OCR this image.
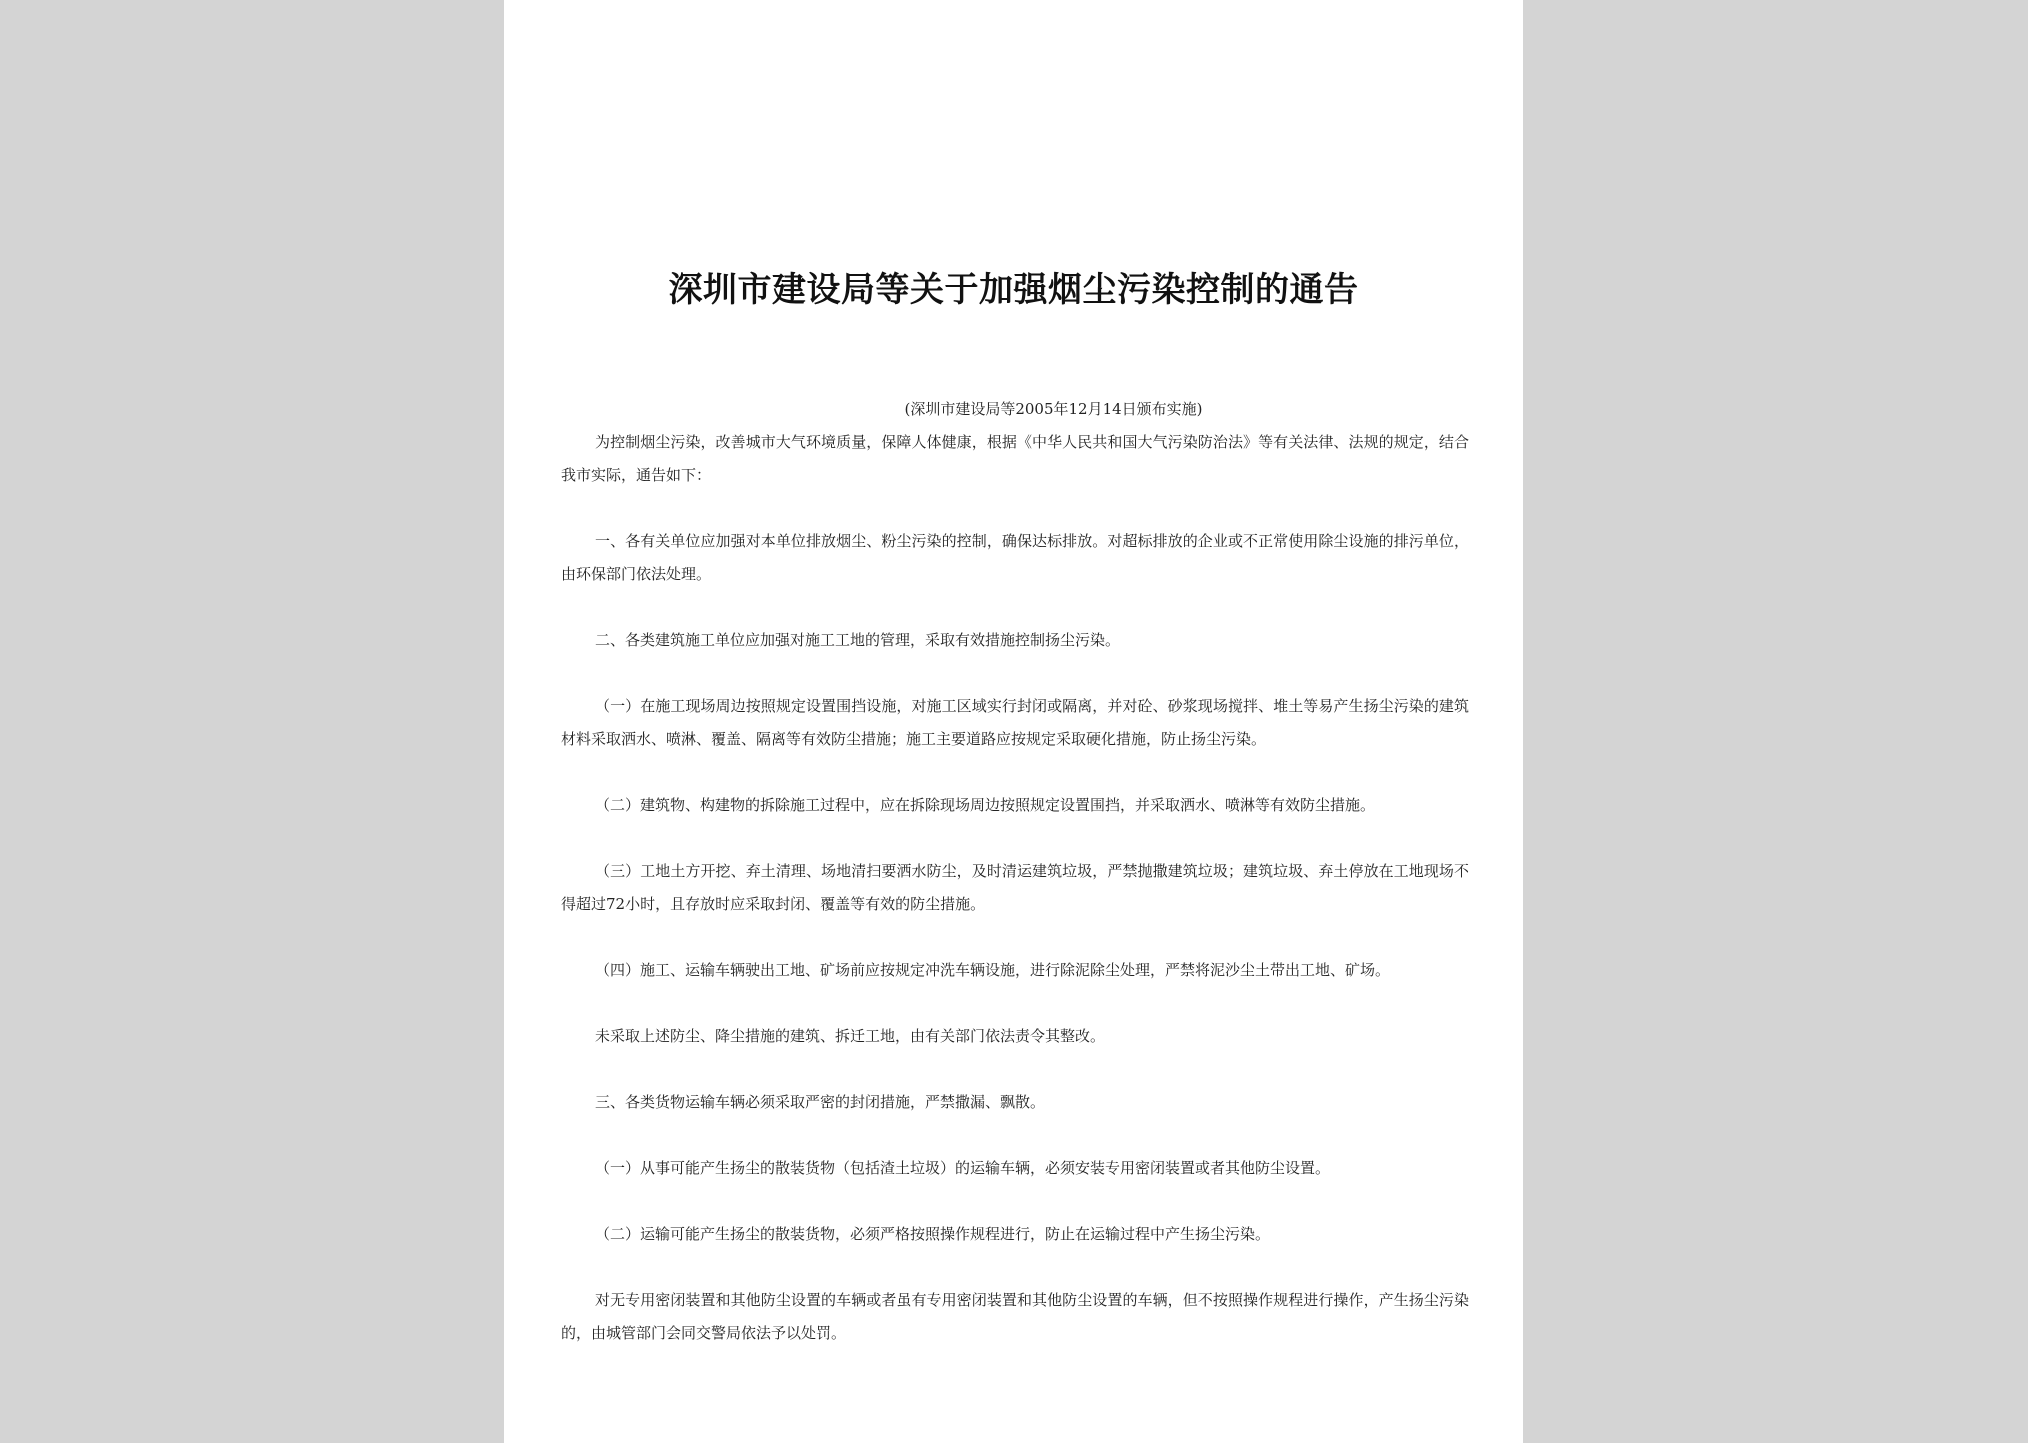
深圳市建设局等关于加强烟尘污染控制的通告
(深圳市建设局等2005年12月14日颁布实施)

为控制烟尘污染，改善城市大气环境质量，保障人体健康，根据《中华人民共和国大气污染防治法》等有关法律、法规的规定，结合我市实际，通告如下：

一、各有关单位应加强对本单位排放烟尘、粉尘污染的控制，确保达标排放。对超标排放的企业或不正常使用除尘设施的排污单位，由环保部门依法处理。

二、各类建筑施工单位应加强对施工工地的管理，采取有效措施控制扬尘污染。

（一）在施工现场周边按照规定设置围挡设施，对施工区域实行封闭或隔离，并对砼、砂浆现场搅拌、堆土等易产生扬尘污染的建筑材料采取洒水、喷淋、覆盖、隔离等有效防尘措施；施工主要道路应按规定采取硬化措施，防止扬尘污染。

（二）建筑物、构建物的拆除施工过程中，应在拆除现场周边按照规定设置围挡，并采取洒水、喷淋等有效防尘措施。

（三）工地土方开挖、弃土清理、场地清扫要洒水防尘，及时清运建筑垃圾，严禁抛撒建筑垃圾；建筑垃圾、弃土停放在工地现场不得超过72小时，且存放时应采取封闭、覆盖等有效的防尘措施。

（四）施工、运输车辆驶出工地、矿场前应按规定冲洗车辆设施，进行除泥除尘处理，严禁将泥沙尘土带出工地、矿场。

未采取上述防尘、降尘措施的建筑、拆迁工地，由有关部门依法责令其整改。

三、各类货物运输车辆必须采取严密的封闭措施，严禁撒漏、飘散。

（一）从事可能产生扬尘的散装货物（包括渣土垃圾）的运输车辆，必须安装专用密闭装置或者其他防尘设置。

（二）运输可能产生扬尘的散装货物，必须严格按照操作规程进行，防止在运输过程中产生扬尘污染。

对无专用密闭装置和其他防尘设置的车辆或者虽有专用密闭装置和其他防尘设置的车辆，但不按照操作规程进行操作，产生扬尘污染的，由城管部门会同交警局依法予以处罚。
